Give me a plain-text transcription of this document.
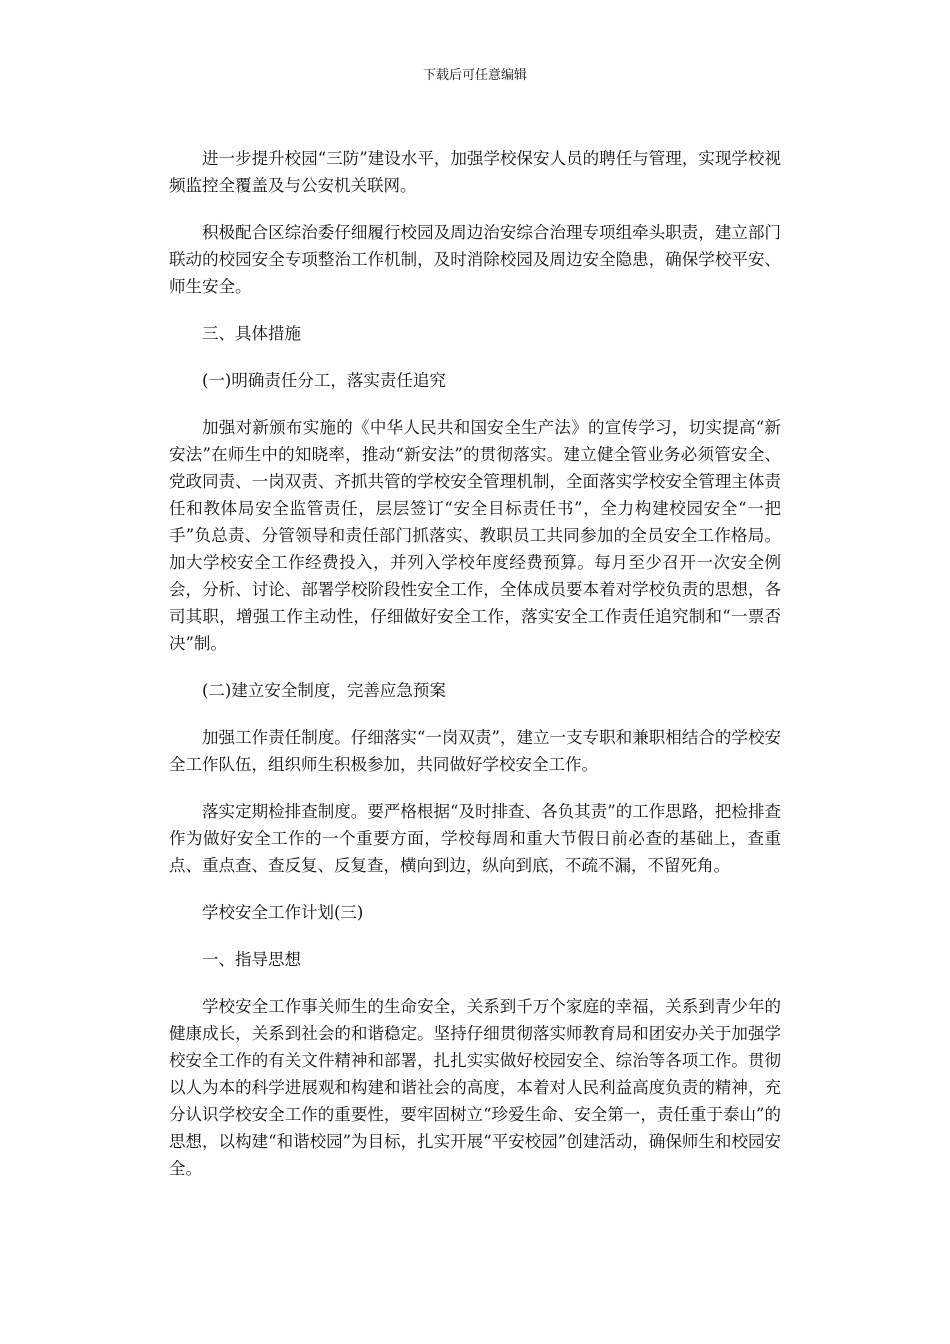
下载后可任意编辑

进一步提升校园“三防”建设水平，加强学校保安人员的聘任与管理，实现学校视频监控全覆盖及与公安机关联网。

积极配合区综治委仔细履行校园及周边治安综合治理专项组牵头职责，建立部门联动的校园安全专项整治工作机制，及时消除校园及周边安全隐患，确保学校平安、师生安全。

三、具体措施

(一)明确责任分工，落实责任追究

加强对新颁布实施的《中华人民共和国安全生产法》的宣传学习，切实提高“新安法”在师生中的知晓率，推动“新安法”的贯彻落实。建立健全管业务必须管安全、党政同责、一岗双责、齐抓共管的学校安全管理机制，全面落实学校安全管理主体责任和教体局安全监管责任，层层签订“安全目标责任书”，全力构建校园安全“一把手”负总责、分管领导和责任部门抓落实、教职员工共同参加的全员安全工作格局。加大学校安全工作经费投入，并列入学校年度经费预算。每月至少召开一次安全例会，分析、讨论、部署学校阶段性安全工作，全体成员要本着对学校负责的思想，各司其职，增强工作主动性，仔细做好安全工作，落实安全工作责任追究制和“一票否决”制。

(二)建立安全制度，完善应急预案

加强工作责任制度。仔细落实“一岗双责”，建立一支专职和兼职相结合的学校安全工作队伍，组织师生积极参加，共同做好学校安全工作。

落实定期检排查制度。要严格根据“及时排查、各负其责”的工作思路，把检排查作为做好安全工作的一个重要方面，学校每周和重大节假日前必查的基础上，查重点、重点查、查反复、反复查，横向到边，纵向到底，不疏不漏，不留死角。

学校安全工作计划(三)

一、指导思想

学校安全工作事关师生的生命安全，关系到千万个家庭的幸福，关系到青少年的健康成长，关系到社会的和谐稳定。坚持仔细贯彻落实师教育局和团安办关于加强学校安全工作的有关文件精神和部署，扎扎实实做好校园安全、综治等各项工作。贯彻以人为本的科学进展观和构建和谐社会的高度，本着对人民利益高度负责的精神，充分认识学校安全工作的重要性，要牢固树立“珍爱生命、安全第一，责任重于泰山”的思想，以构建“和谐校园”为目标，扎实开展“平安校园”创建活动，确保师生和校园安全。
